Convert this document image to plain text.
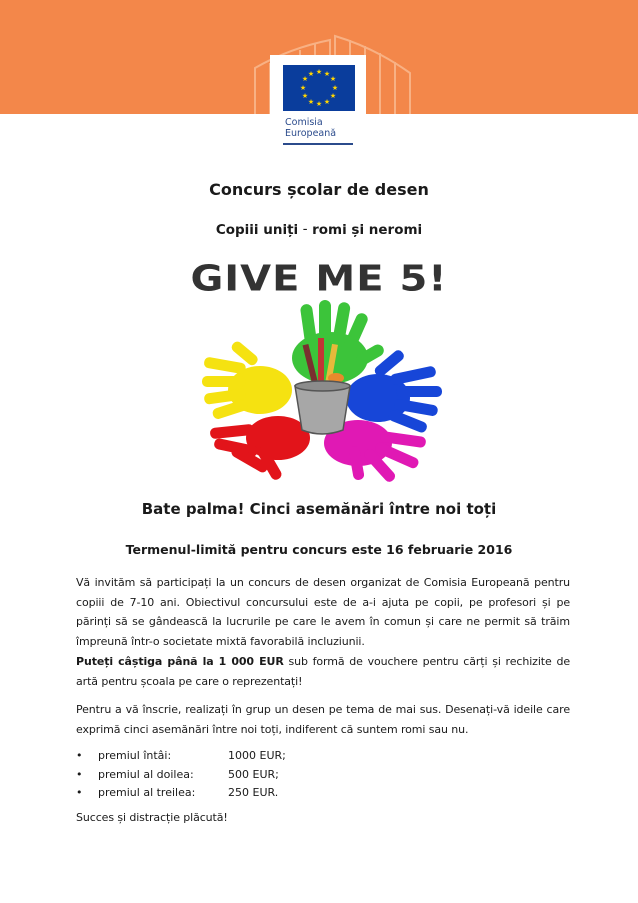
★ ★
★
★
★
★
★
★
★
★
★
★
Comisia
Europeană
Concurs școlar de desen
Copiii uniți – romi și neromi
GIVE ME 5!
Bate palma! Cinci asemănări între noi toți
Termenul-limită pentru concurs este 16 februarie 2016
Vă invităm să participați la un concurs de desen organizat de Comisia Europeană pentru copiii de 7-10 ani. Obiectivul concursului este de a-i ajuta pe copii, pe profesori și pe părinți să se gândească la lucrurile pe care le avem în comun și care ne permit să trăim împreună într-o societate mixtă favorabilă incluziunii.
Puteți câștiga până la 1 000 EUR sub formă de vouchere pentru cărți și rechizite de artă pentru școala pe care o reprezentați!
Pentru a vă înscrie, realizați în grup un desen pe tema de mai sus. Desenați-vă ideile care exprimă cinci asemănări între noi toți, indiferent că suntem romi sau nu.
•	premiul întâi:	1000 EUR;
•	premiul al doilea:	500 EUR;
•	premiul al treilea:	250 EUR.
Succes și distracție plăcută!
